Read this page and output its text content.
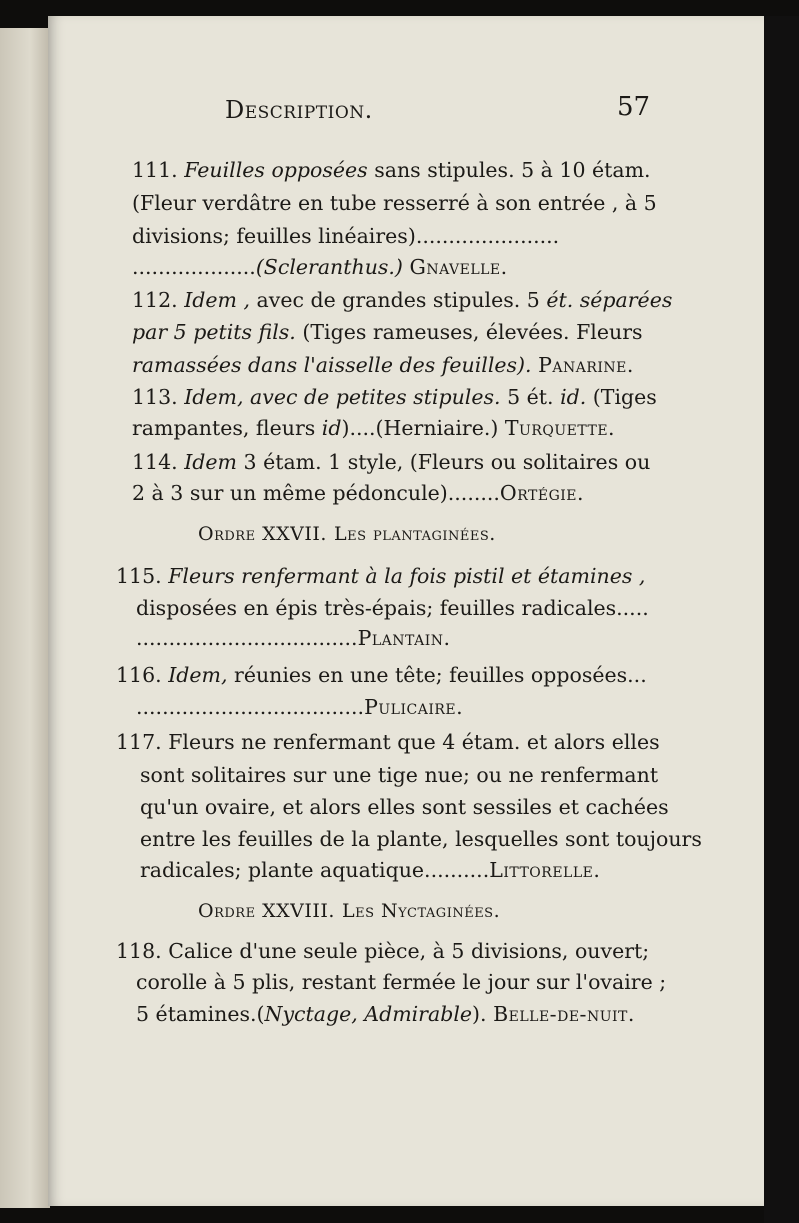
Description.	57
111. Feuilles opposées sans stipules. 5 à 10 étam.
(Fleur verdâtre en tube resserré à son entrée , à 5
divisions; feuilles linéaires)......................
...................(Scleranthus.) Gnavelle.
112. Idem , avec de grandes stipules. 5 ét. séparées
par 5 petits fils. (Tiges rameuses, élevées. Fleurs
ramassées dans l'aisselle des feuilles). Panarine.
113. Idem, avec de petites stipules. 5 ét. id. (Tiges
rampantes, fleurs id)....(Herniaire.) Turquette.
114. Idem 3 étam. 1 style, (Fleurs ou solitaires ou
2 à 3 sur un même pédoncule)........Ortégie.
Ordre XXVII. Les plantaginées.
115. Fleurs renfermant à la fois pistil et étamines ,
disposées en épis très-épais; feuilles radicales.....
..................................Plantain.
116. Idem, réunies en une tête; feuilles opposées...
...................................Pulicaire.
117. Fleurs ne renfermant que 4 étam. et alors elles
sont solitaires sur une tige nue; ou ne renfermant
qu'un ovaire, et alors elles sont sessiles et cachées
entre les feuilles de la plante, lesquelles sont toujours
radicales; plante aquatique..........Littorelle.
Ordre XXVIII. Les Nyctaginées.
118. Calice d'une seule pièce, à 5 divisions, ouvert;
corolle à 5 plis, restant fermée le jour sur l'ovaire ;
5 étamines.(Nyctage, Admirable). Belle-de-nuit.
